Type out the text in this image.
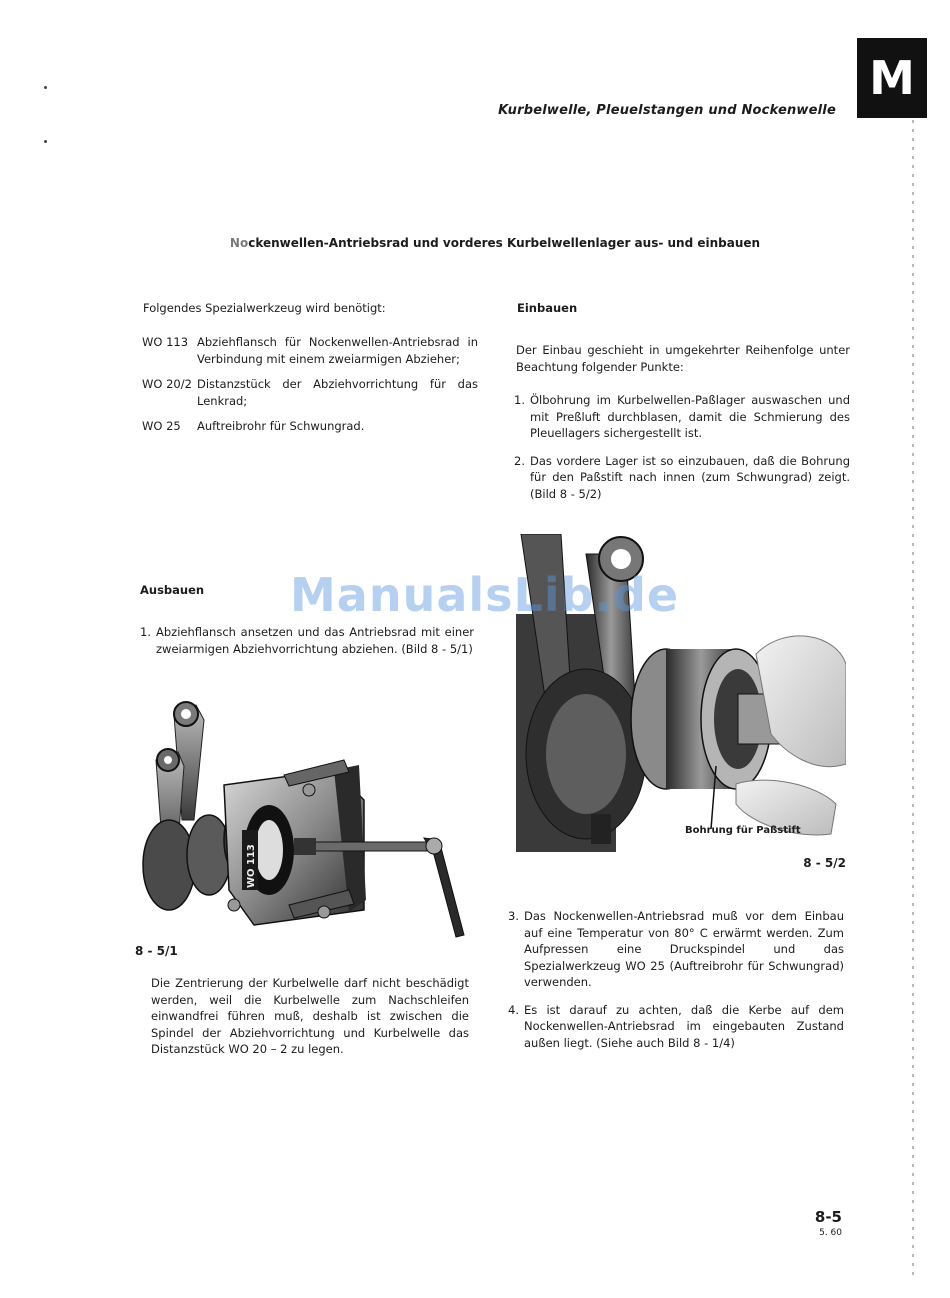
M
Kurbelwelle, Pleuelstangen und Nockenwelle
Nockenwellen-Antriebsrad und vorderes Kurbelwellenlager aus- und einbauen
Folgendes Spezialwerkzeug wird benötigt:
WO 113 Abziehflansch für Nockenwellen-Antriebsrad in Verbindung mit einem zweiarmigen Abzieher;
WO 20/2 Distanzstück der Abziehvorrichtung für das Lenkrad;
WO 25	Auftreibrohr für Schwungrad.
Ausbauen
1. Abziehflansch ansetzen und das Antriebsrad mit einer zweiarmigen Abziehvorrichtung abziehen. (Bild 8 - 5/1)
WO 113
8 - 5/1
Die Zentrierung der Kurbelwelle darf nicht beschädigt werden, weil die Kurbelwelle zum Nachschleifen einwandfrei führen muß, deshalb ist zwischen die Spindel der Abziehvorrichtung und Kurbelwelle das Distanzstück WO 20 – 2 zu legen.
Einbauen
Der Einbau geschieht in umgekehrter Reihenfolge unter Beachtung folgender Punkte:
1. Ölbohrung im Kurbelwellen-Paßlager auswaschen und mit Preßluft durchblasen, damit die Schmierung des Pleuellagers sichergestellt ist.
2. Das vordere Lager ist so einzubauen, daß die Bohrung für den Paßstift nach innen (zum Schwungrad) zeigt. (Bild 8 - 5/2)
Bohrung für Paßstift
8 - 5/2
3. Das Nockenwellen-Antriebsrad muß vor dem Einbau auf eine Temperatur von 80° C erwärmt werden. Zum Aufpressen eine Druckspindel und das Spezialwerkzeug WO 25 (Auftreibrohr für Schwungrad) verwenden.
4. Es ist darauf zu achten, daß die Kerbe auf dem Nockenwellen-Antriebsrad im eingebauten Zustand außen liegt. (Siehe auch Bild 8 - 1/4)
ManualsLib.de
8-5
5. 60
